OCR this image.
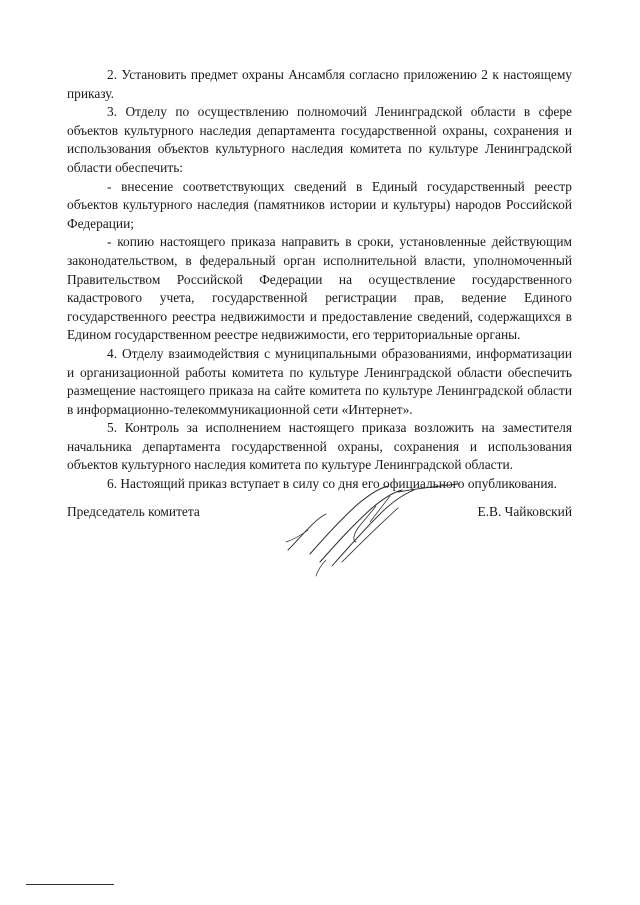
2. Установить предмет охраны Ансамбля согласно приложению 2 к настоящему приказу.

3. Отделу по осуществлению полномочий Ленинградской области в сфере объектов культурного наследия департамента государственной охраны, сохранения и использования объектов культурного наследия комитета по культуре Ленинградской области обеспечить:

- внесение соответствующих сведений в Единый государственный реестр объектов культурного наследия (памятников истории и культуры) народов Российской Федерации;

- копию настоящего приказа направить в сроки, установленные действующим законодательством, в федеральный орган исполнительной власти, уполномоченный Правительством Российской Федерации на осуществление государственного кадастрового учета, государственной регистрации прав, ведение Единого государственного реестра недвижимости и предоставление сведений, содержащихся в Едином государственном реестре недвижимости, его территориальные органы.

4. Отделу взаимодействия с муниципальными образованиями, информатизации и организационной работы комитета по культуре Ленинградской области обеспечить размещение настоящего приказа на сайте комитета по культуре Ленинградской области в информационно-телекоммуникационной сети «Интернет».

5. Контроль за исполнением настоящего приказа возложить на заместителя начальника департамента государственной охраны, сохранения и использования объектов культурного наследия комитета по культуре Ленинградской области.

6. Настоящий приказ вступает в силу со дня его официального опубликования.

Председатель комитета	Е.В. Чайковский
